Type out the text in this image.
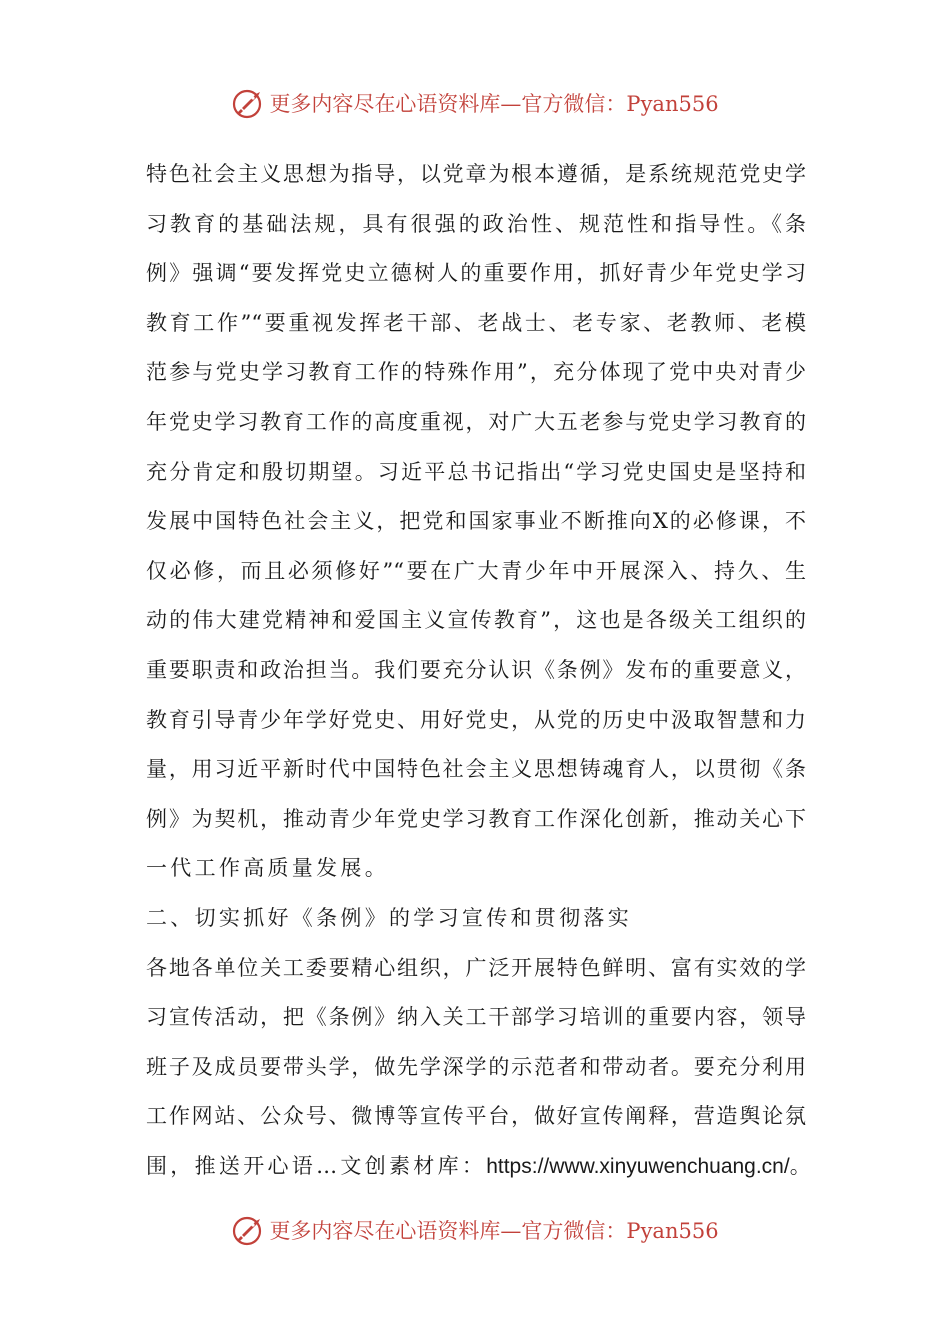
更多内容尽在心语资料库—官方微信：Pyan556
特色社会主义思想为指导，以党章为根本遵循，是系统规范党史学
习教育的基础法规，具有很强的政治性、规范性和指导性。《条
例》强调“要发挥党史立德树人的重要作用，抓好青少年党史学习
教育工作”“要重视发挥老干部、老战士、老专家、老教师、老模
范参与党史学习教育工作的特殊作用”，充分体现了党中央对青少
年党史学习教育工作的高度重视，对广大五老参与党史学习教育的
充分肯定和殷切期望。习近平总书记指出“学习党史国史是坚持和
发展中国特色社会主义，把党和国家事业不断推向X的必修课，不
仅必修，而且必须修好”“要在广大青少年中开展深入、持久、生
动的伟大建党精神和爱国主义宣传教育”，这也是各级关工组织的
重要职责和政治担当。我们要充分认识《条例》发布的重要意义，
教育引导青少年学好党史、用好党史，从党的历史中汲取智慧和力
量，用习近平新时代中国特色社会主义思想铸魂育人，以贯彻《条
例》为契机，推动青少年党史学习教育工作深化创新，推动关心下
一代工作高质量发展。
二、切实抓好《条例》的学习宣传和贯彻落实
各地各单位关工委要精心组织，广泛开展特色鲜明、富有实效的学
习宣传活动，把《条例》纳入关工干部学习培训的重要内容，领导
班子及成员要带头学，做先学深学的示范者和带动者。要充分利用
工作网站、公众号、微博等宣传平台，做好宣传阐释，营造舆论氛
围，推送开心语…文创素材库：https://www.xinyuwenchuang.cn/。
更多内容尽在心语资料库—官方微信：Pyan556
